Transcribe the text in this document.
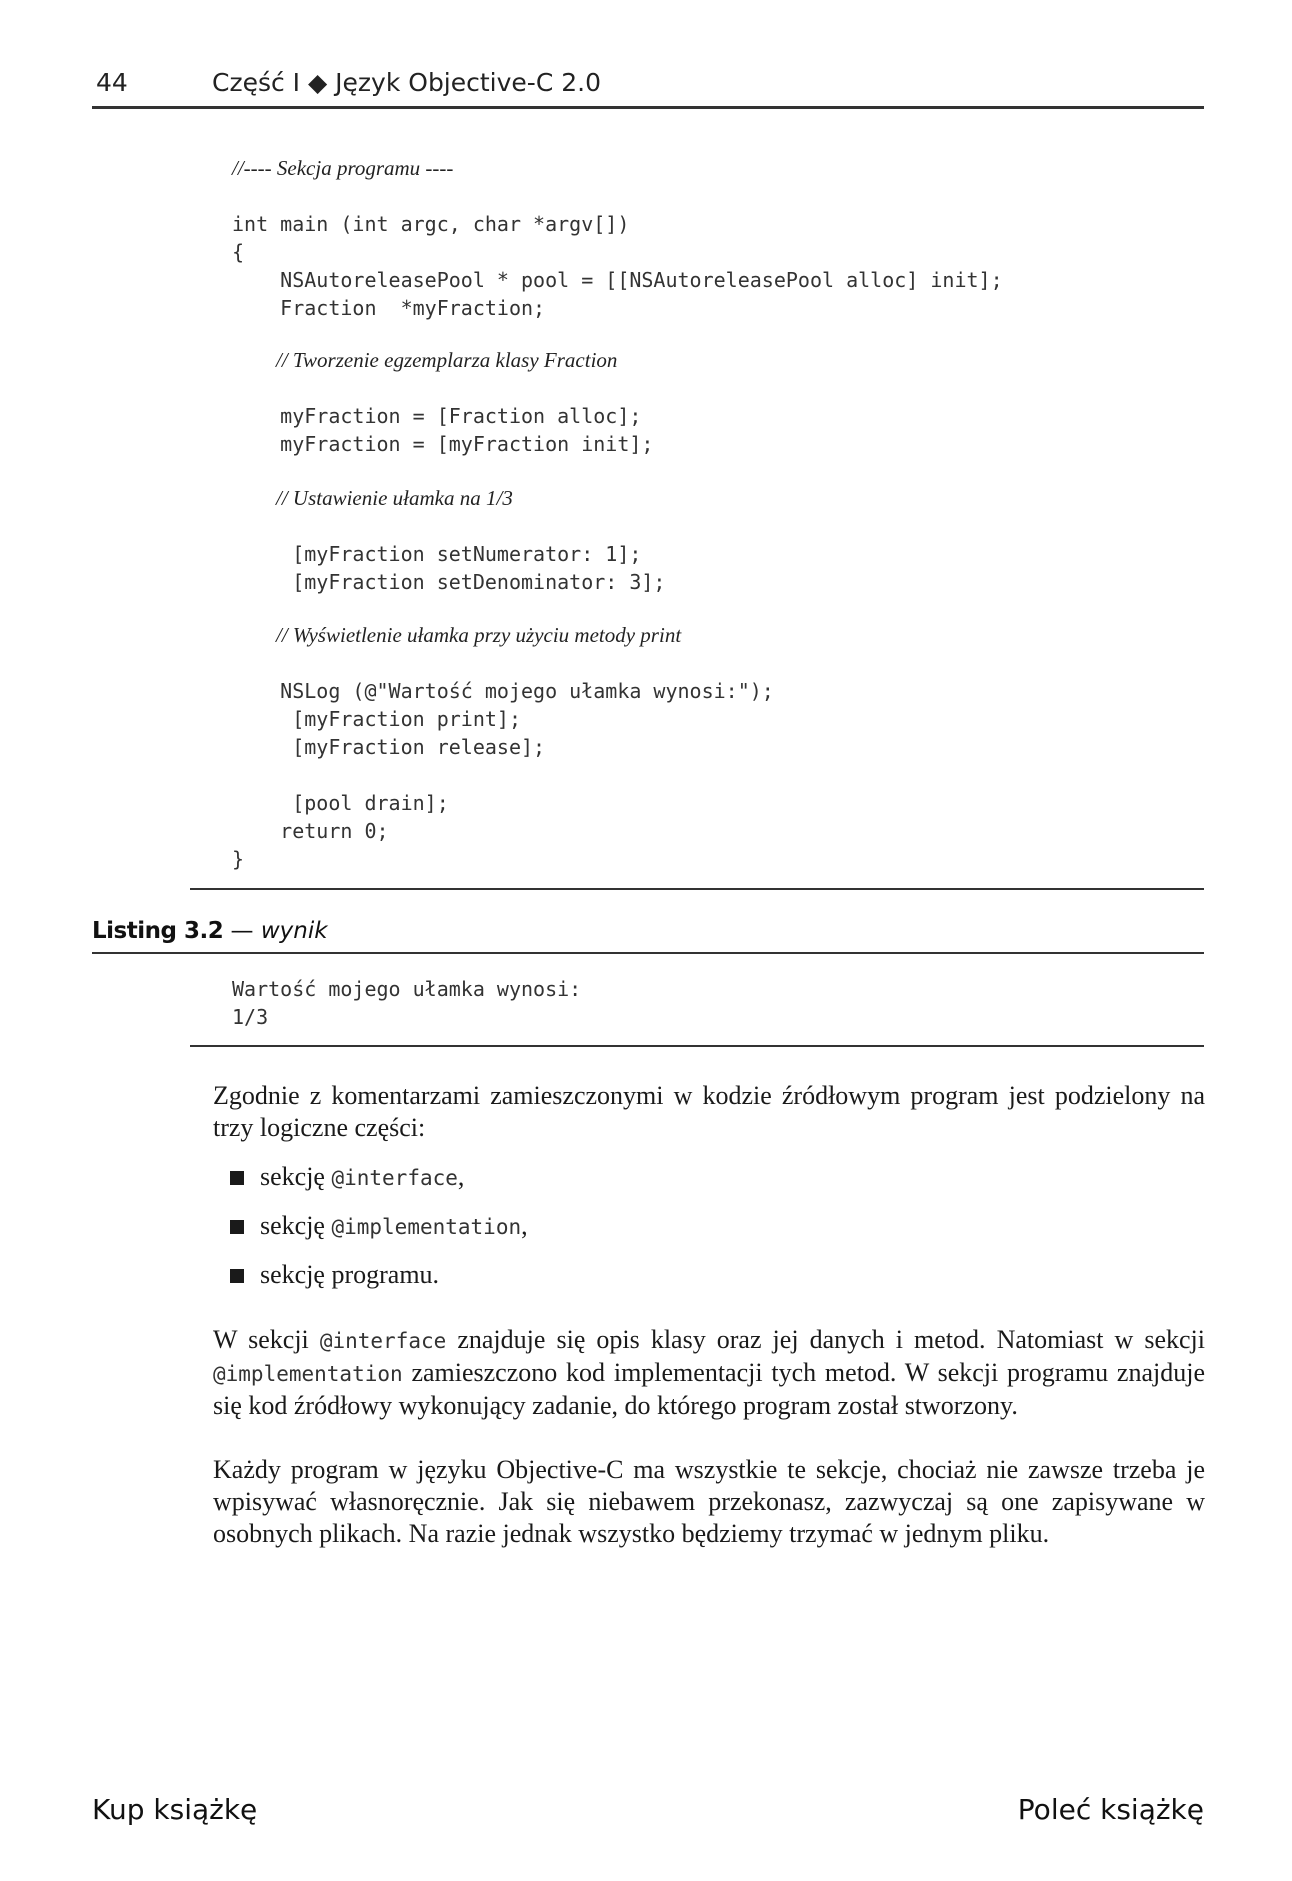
44	Część I ◆ Język Objective-C 2.0
//---- Sekcja programu ----
int main (int argc, char *argv[])
{
NSAutoreleasePool * pool = [[NSAutoreleasePool alloc] init];
Fraction  *myFraction;
// Tworzenie egzemplarza klasy Fraction
myFraction = [Fraction alloc];
myFraction = [myFraction init];
// Ustawienie ułamka na 1/3
[myFraction setNumerator: 1];
[myFraction setDenominator: 3];
// Wyświetlenie ułamka przy użyciu metody print
NSLog (@"Wartość mojego ułamka wynosi:");
[myFraction print];
[myFraction release];

[pool drain];
return 0;
}
Listing 3.2 — wynik
Wartość mojego ułamka wynosi:
1/3
Zgodnie z komentarzami zamieszczonymi w kodzie źródłowym program jest podzielony na trzy logiczne części:
sekcję @interface,
sekcję @implementation,
sekcję programu.
W sekcji @interface znajduje się opis klasy oraz jej danych i metod. Natomiast w sekcji @implementation zamieszczono kod implementacji tych metod. W sekcji programu znajduje się kod źródłowy wykonujący zadanie, do którego program został stworzony.
Każdy program w języku Objective-C ma wszystkie te sekcje, chociaż nie zawsze trzeba je wpisywać własnoręcznie. Jak się niebawem przekonasz, zazwyczaj są one zapisywane w osobnych plikach. Na razie jednak wszystko będziemy trzymać w jednym pliku.
Kup książkę	Poleć książkę
